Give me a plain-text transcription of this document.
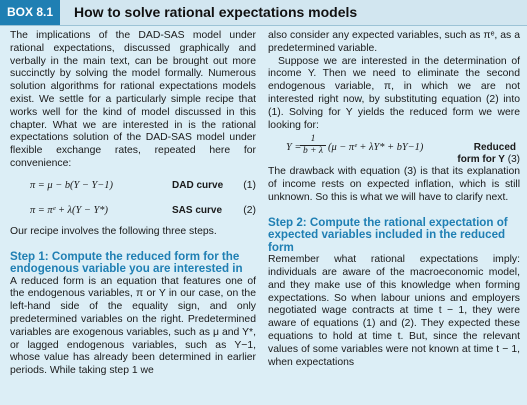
BOX 8.1	How to solve rational expectations models

The implications of the DAD-SAS model under rational expectations, discussed graphically and verbally in the main text, can be brought out more succinctly by solving the model formally. Numerous solution algorithms for rational expectations models exist. We settle for a particularly simple recipe that works well for the kind of model discussed in this chapter. What we are interested in is the rational expectations solution of the DAD-SAS model under flexible exchange rates, repeated here for convenience:

π = μ − b(Y − Y−1)	DAD curve (1)
π = πᵉ + λ(Y − Y*)	SAS curve (2)

Our recipe involves the following three steps.

Step 1: Compute the reduced form for the endogenous variable you are interested in

A reduced form is an equation that features one of the endogenous variables, π or Y in our case, on the left-hand side of the equality sign, and only predetermined variables on the right. Predetermined variables are exogenous variables, such as μ and Y*, or lagged endogenous variables, such as Y−1, whose value has already been determined in earlier periods. While taking step 1 we

also consider any expected variables, such as πᵉ, as a predetermined variable.

Suppose we are interested in the determination of income Y. Then we need to eliminate the second endogenous variable, π, in which we are not interested right now, by substituting equation (2) into (1). Solving for Y yields the reduced form we were looking for:

Y =
$\frac{1}{b + \lambda} (\mu$ − πᵉ + λY* + bY−1)	Reduced
form for Y (3)

The drawback with equation (3) is that its explanation of income rests on expected inflation, which is still unknown. So this is what we will have to clarify next.

Step 2: Compute the rational expectation of expected variables included in the reduced form

Remember what rational expectations imply: individuals are aware of the macroeconomic model, and they make use of this knowledge when forming expectations. So when labour unions and employers negotiated wage contracts at time t − 1, they were aware of equations (1) and (2). They expected these equations to hold at time t. But, since the relevant values of some variables were not known at time t − 1, when expectations
